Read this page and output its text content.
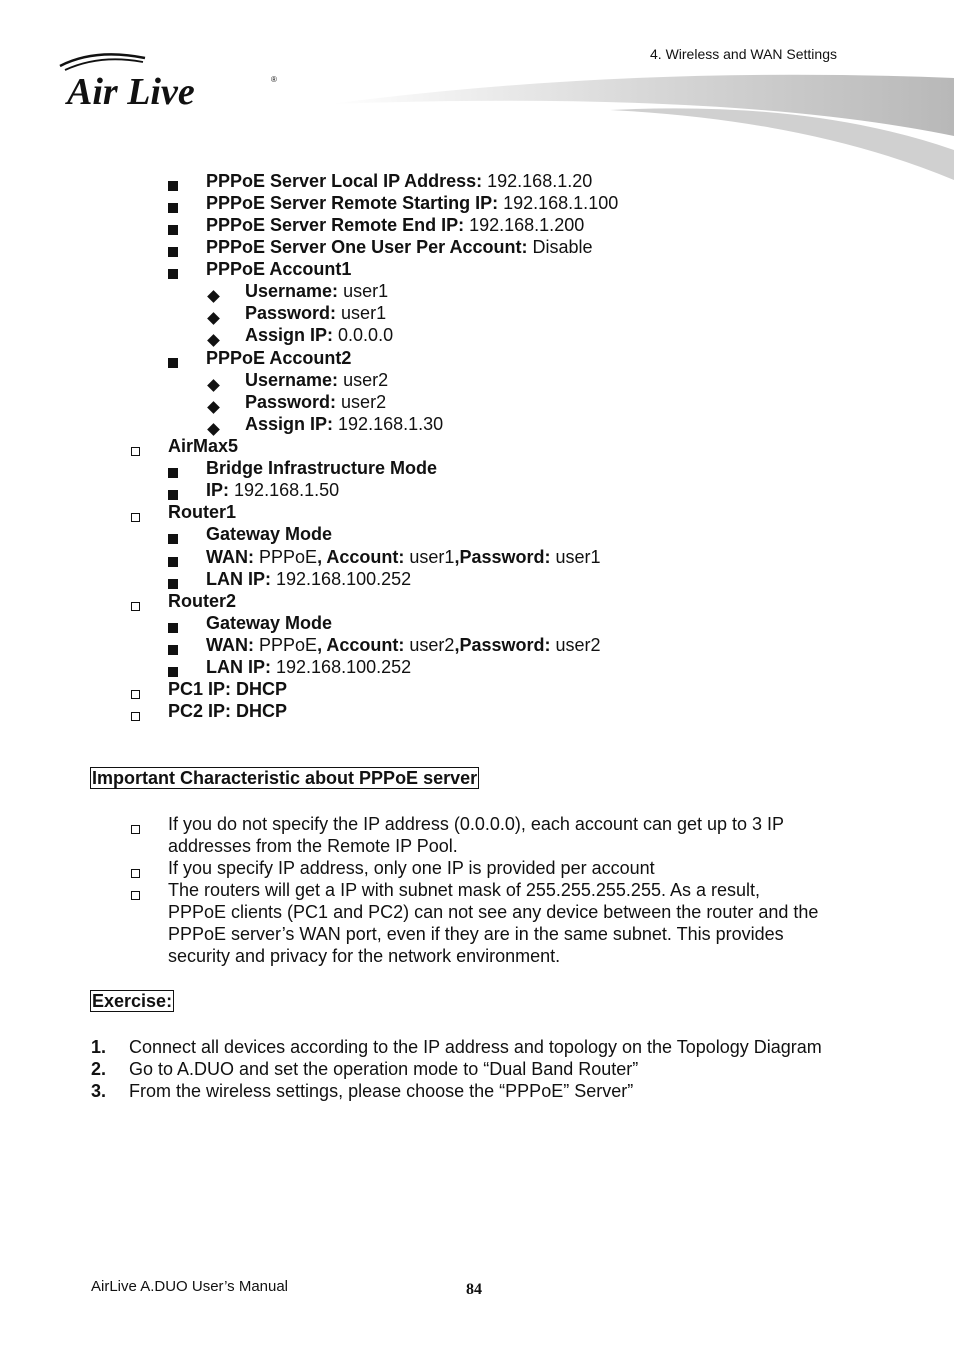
4. Wireless and WAN Settings
Air Live	®
PPPoE Server Local IP Address: 192.168.1.20
PPPoE Server Remote Starting IP: 192.168.1.100
PPPoE Server Remote End IP: 192.168.1.200
PPPoE Server One User Per Account: Disable
PPPoE Account1
Username: user1
Password: user1
Assign IP: 0.0.0.0
PPPoE Account2
Username: user2
Password: user2
Assign IP: 192.168.1.30
AirMax5
Bridge Infrastructure Mode
IP: 192.168.1.50
Router1
Gateway Mode
WAN: PPPoE, Account: user1,Password: user1
LAN IP: 192.168.100.252
Router2
Gateway Mode
WAN: PPPoE, Account: user2,Password: user2
LAN IP: 192.168.100.252
PC1 IP: DHCP
PC2 IP: DHCP
Important Characteristic about PPPoE server
If you do not specify the IP address (0.0.0.0), each account can get up to 3 IP
addresses from the Remote IP Pool.
If you specify IP address, only one IP is provided per account
The routers will get a IP with subnet mask of 255.255.255.255. As a result,
PPPoE clients (PC1 and PC2) can not see any device between the router and the
PPPoE server’s WAN port, even if they are in the same subnet. This provides
security and privacy for the network environment.
Exercise:
1. Connect all devices according to the IP address and topology on the Topology Diagram
2. Go to A.DUO and set the operation mode to “Dual Band Router”
3. From the wireless settings, please choose the “PPPoE” Server”
AirLive A.DUO User’s Manual	84
